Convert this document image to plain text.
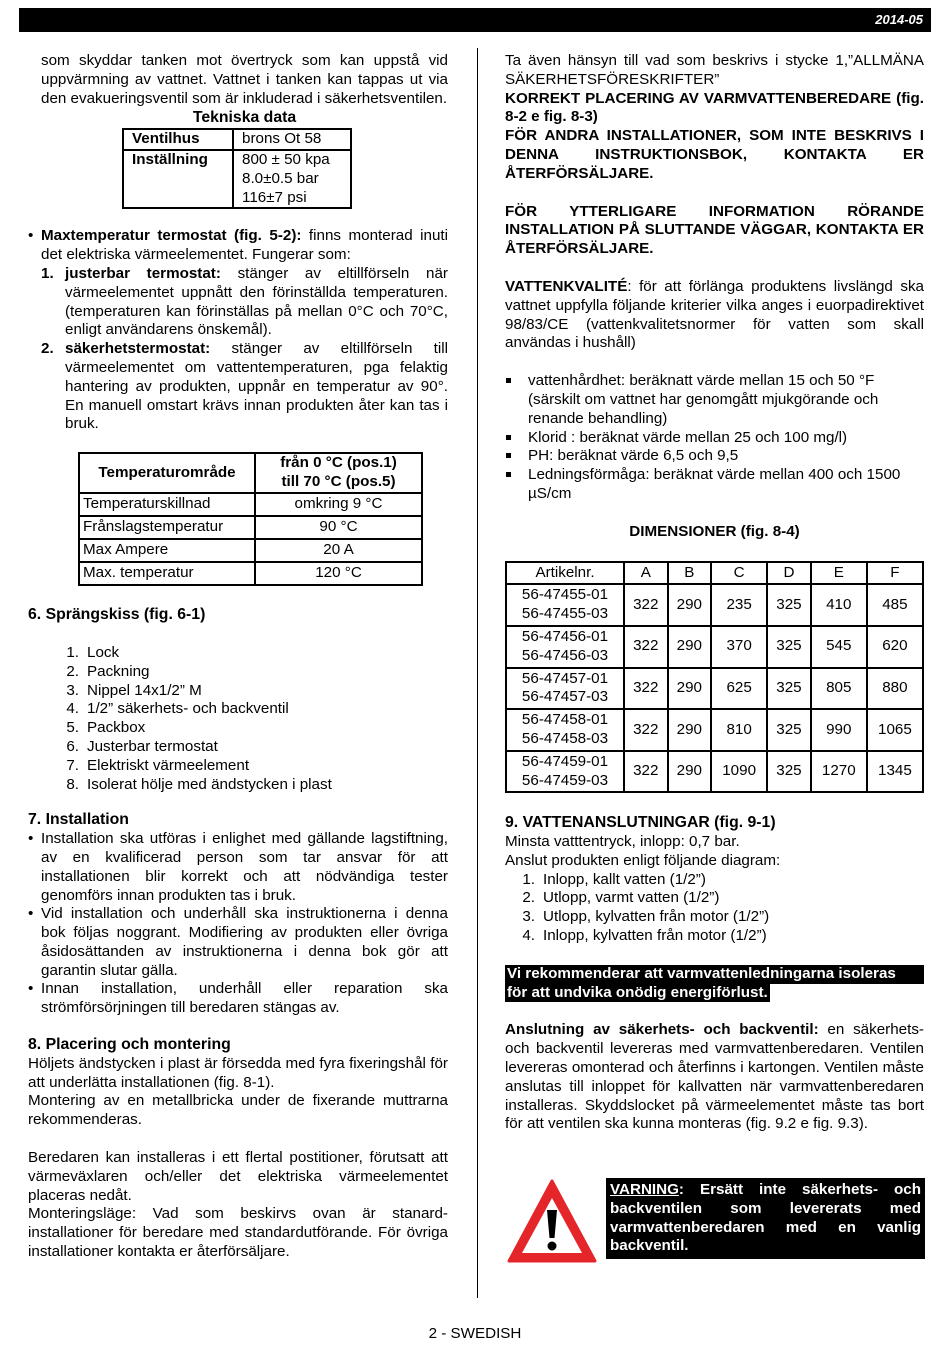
2014-05

som skyddar tanken mot övertryck som kan uppstå vid uppvärmning av vattnet. Vattnet i tanken kan tappas ut via den evakueringsventil som är inkluderad i säkerhetsventilen.

Tekniska data
Ventilhus	brons Ot 58
Inställning	800 ± 50 kpa
8.0±0.5 bar
116±7 psi
• Maxtemperatur termostat (fig. 5-2): finns monterad inuti det elektriska värmeelementet. Fungerar som:
1. justerbar termostat: stänger av eltillförseln när värmeelementet uppnått den förinställda temperaturen. (temperaturen kan förinställas på mellan 0°C och 70°C, enligt användarens önskemål).
2. säkerhetstermostat: stänger av eltillförseln till värmeelementet om vattentemperaturen, pga felaktig hantering av produkten, uppnår en temperatur av 90°. En manuell omstart krävs innan produkten åter kan tas i bruk.
Temperaturområde	från 0 °C (pos.1)
till 70 °C (pos.5)

Temperaturskillnad	omkring 9 °C
Frånslagstemperatur	90 °C
Max Ampere	20 A
Max. temperatur	120 °C
6. Sprängskiss (fig. 6-1)
1. Lock
2. Packning
3. Nippel 14x1/2” M
4. 1/2” säkerhets- och backventil
5. Packbox
6. Justerbar termostat
7. Elektriskt värmeelement
8. Isolerat hölje med ändstycken i plast
7. Installation
• Installation ska utföras i enlighet med gällande lagstiftning, av en kvalificerad person som tar ansvar för att installationen blir korrekt och att nödvändiga tester genomförs innan produkten tas i bruk.
• Vid installation och underhåll ska instruktionerna i denna bok följas noggrant. Modifiering av produkten eller övriga åsidosättanden av instruktionerna i denna bok gör att garantin slutar gälla.
• Innan installation, underhåll eller reparation ska strömförsörjningen till beredaren stängas av.
8. Placering och montering

Höljets ändstycken i plast är försedda med fyra fixeringshål för att underlätta installationen (fig. 8-1).

Montering av en metallbricka under de fixerande muttrarna rekommenderas.

Beredaren kan installeras i ett flertal postitioner, förutsatt att värmeväxlaren och/eller det elektriska värmeelementet placeras nedåt.

Monteringsläge: Vad som beskirvs ovan är stanard-installationer för beredare med standardutförande. För övriga installationer kontakta er återförsäljare.

Ta även hänsyn till vad som beskrivs i stycke 1,”ALLMÄNA SÄKERHETSFÖRESKRIFTER”

KORREKT PLACERING AV VARMVATTENBEREDARE (fig. 8-2 e fig. 8-3)

FÖR ANDRA INSTALLATIONER, SOM INTE BESKRIVS I DENNA INSTRUKTIONSBOK, KONTAKTA ER ÅTERFÖRSÄLJARE.

FÖR YTTERLIGARE INFORMATION RÖRANDE INSTALLATION PÅ SLUTTANDE VÄGGAR, KONTAKTA ER ÅTERFÖRSÄLJARE.

VATTENKVALITÉ: för att förlänga produktens livslängd ska vattnet uppfylla följande kriterier vilka anges i euorpadirektivet 98/83/CE (vattenkvalitetsnormer för vatten som skall användas i hushåll)

vattenhårdhet: beräknatt värde mellan 15 och 50 °F (särskilt om vattnet har genomgått mjukgörande och renande behandling)
Klorid : beräknat värde mellan 25 och 100 mg/l)
PH: beräknat värde 6,5 och 9,5
Ledningsförmåga: beräknat värde mellan 400 och 1500 µS/cm
DIMENSIONER (fig. 8-4)
Artikelnr.	A	B	C	D	E	F

56-47455-01
56-47455-03	322	290	235	325	410	485

56-47456-01
56-47456-03	322	290	370	325	545	620

56-47457-01
56-47457-03	322	290	625	325	805	880

56-47458-01
56-47458-03	322	290	810	325	990	1065

56-47459-01
56-47459-03	322	290	1090	325	1270	1345
9. VATTENANSLUTNINGAR (fig. 9-1)

Minsta vatttentryck, inlopp: 0,7 bar.

Anslut produkten enligt följande diagram:

1. Inlopp, kallt vatten (1/2”)
2. Utlopp, varmt vatten (1/2”)
3. Utlopp, kylvatten från motor (1/2”)
4. Inlopp, kylvatten från motor (1/2”)
Vi rekommenderar att varmvattenledningarna isoleras
för att undvika onödig energiförlust.

Anslutning av säkerhets- och backventil: en säkerhets- och backventil levereras med varmvattenberedaren. Ventilen levereras omonterad och återfinns i kartongen. Ventilen måste anslutas till inloppet för kallvatten när varmvattenberedaren installeras. Skyddslocket på värmeelementet måste tas bort för att ventilen ska kunna monteras (fig. 9.2 e fig. 9.3).

VARNING: Ersätt inte säkerhets- och backventilen som levererats med varmvattenberedaren med en vanlig backventil.
2 - SWEDISH
